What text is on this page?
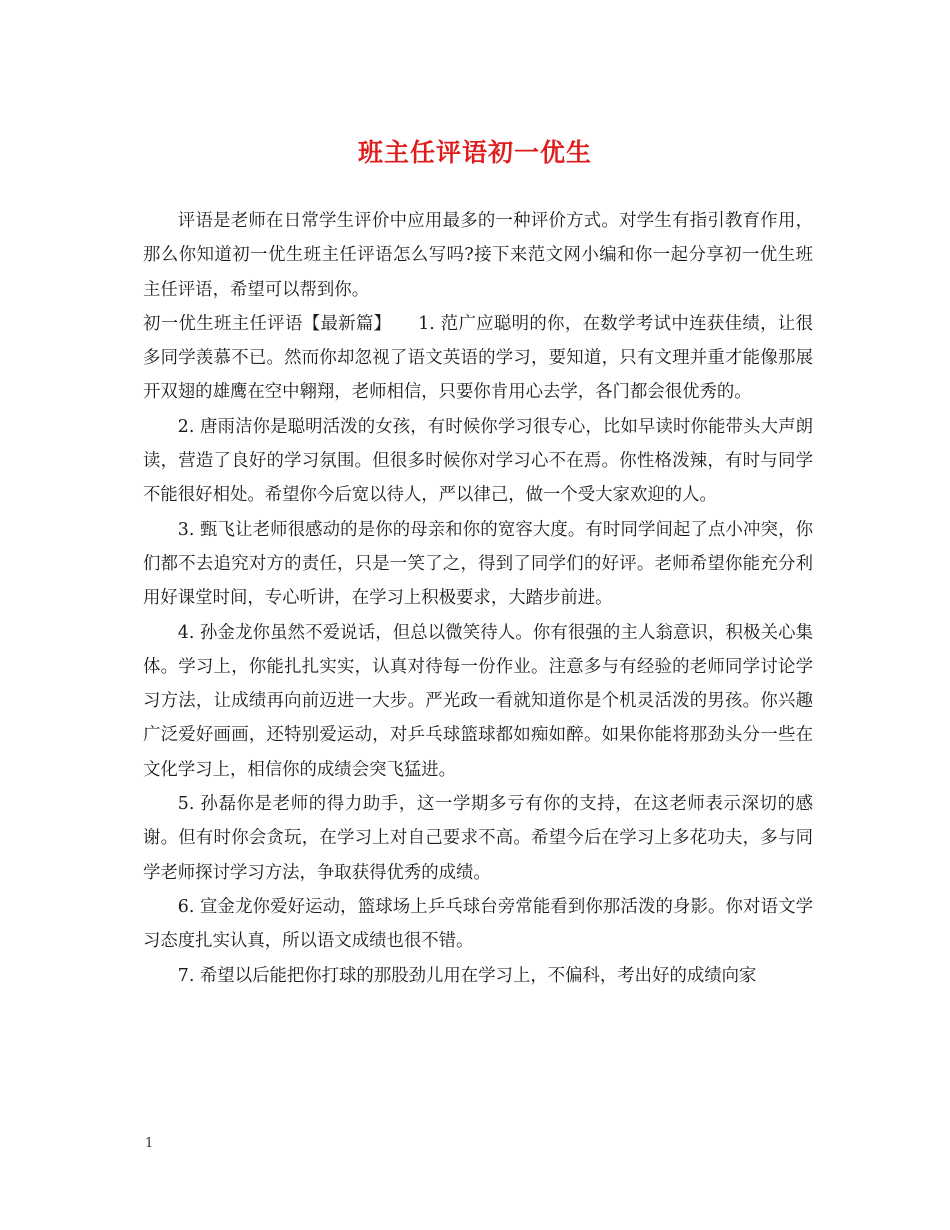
班主任评语初一优生

评语是老师在日常学生评价中应用最多的一种评价方式。对学生有指引教育作用，那么你知道初一优生班主任评语怎么写吗?接下来范文网小编和你一起分享初一优生班主任评语，希望可以帮到你。

初一优生班主任评语【最新篇】　　1. 范广应聪明的你，在数学考试中连获佳绩，让很多同学羡慕不已。然而你却忽视了语文英语的学习，要知道，只有文理并重才能像那展开双翅的雄鹰在空中翱翔，老师相信，只要你肯用心去学，各门都会很优秀的。

2. 唐雨洁你是聪明活泼的女孩，有时候你学习很专心，比如早读时你能带头大声朗读，营造了良好的学习氛围。但很多时候你对学习心不在焉。你性格泼辣，有时与同学不能很好相处。希望你今后宽以待人，严以律己，做一个受大家欢迎的人。

3. 甄飞让老师很感动的是你的母亲和你的宽容大度。有时同学间起了点小冲突，你们都不去追究对方的责任，只是一笑了之，得到了同学们的好评。老师希望你能充分利用好课堂时间，专心听讲，在学习上积极要求，大踏步前进。

4. 孙金龙你虽然不爱说话，但总以微笑待人。你有很强的主人翁意识，积极关心集体。学习上，你能扎扎实实，认真对待每一份作业。注意多与有经验的老师同学讨论学习方法，让成绩再向前迈进一大步。严光政一看就知道你是个机灵活泼的男孩。你兴趣广泛爱好画画，还特别爱运动，对乒乓球篮球都如痴如醉。如果你能将那劲头分一些在文化学习上，相信你的成绩会突飞猛进。

5. 孙磊你是老师的得力助手，这一学期多亏有你的支持，在这老师表示深切的感谢。但有时你会贪玩，在学习上对自己要求不高。希望今后在学习上多花功夫，多与同学老师探讨学习方法，争取获得优秀的成绩。

6. 宣金龙你爱好运动，篮球场上乒乓球台旁常能看到你那活泼的身影。你对语文学习态度扎实认真，所以语文成绩也很不错。

7. 希望以后能把你打球的那股劲儿用在学习上，不偏科，考出好的成绩向家

1
